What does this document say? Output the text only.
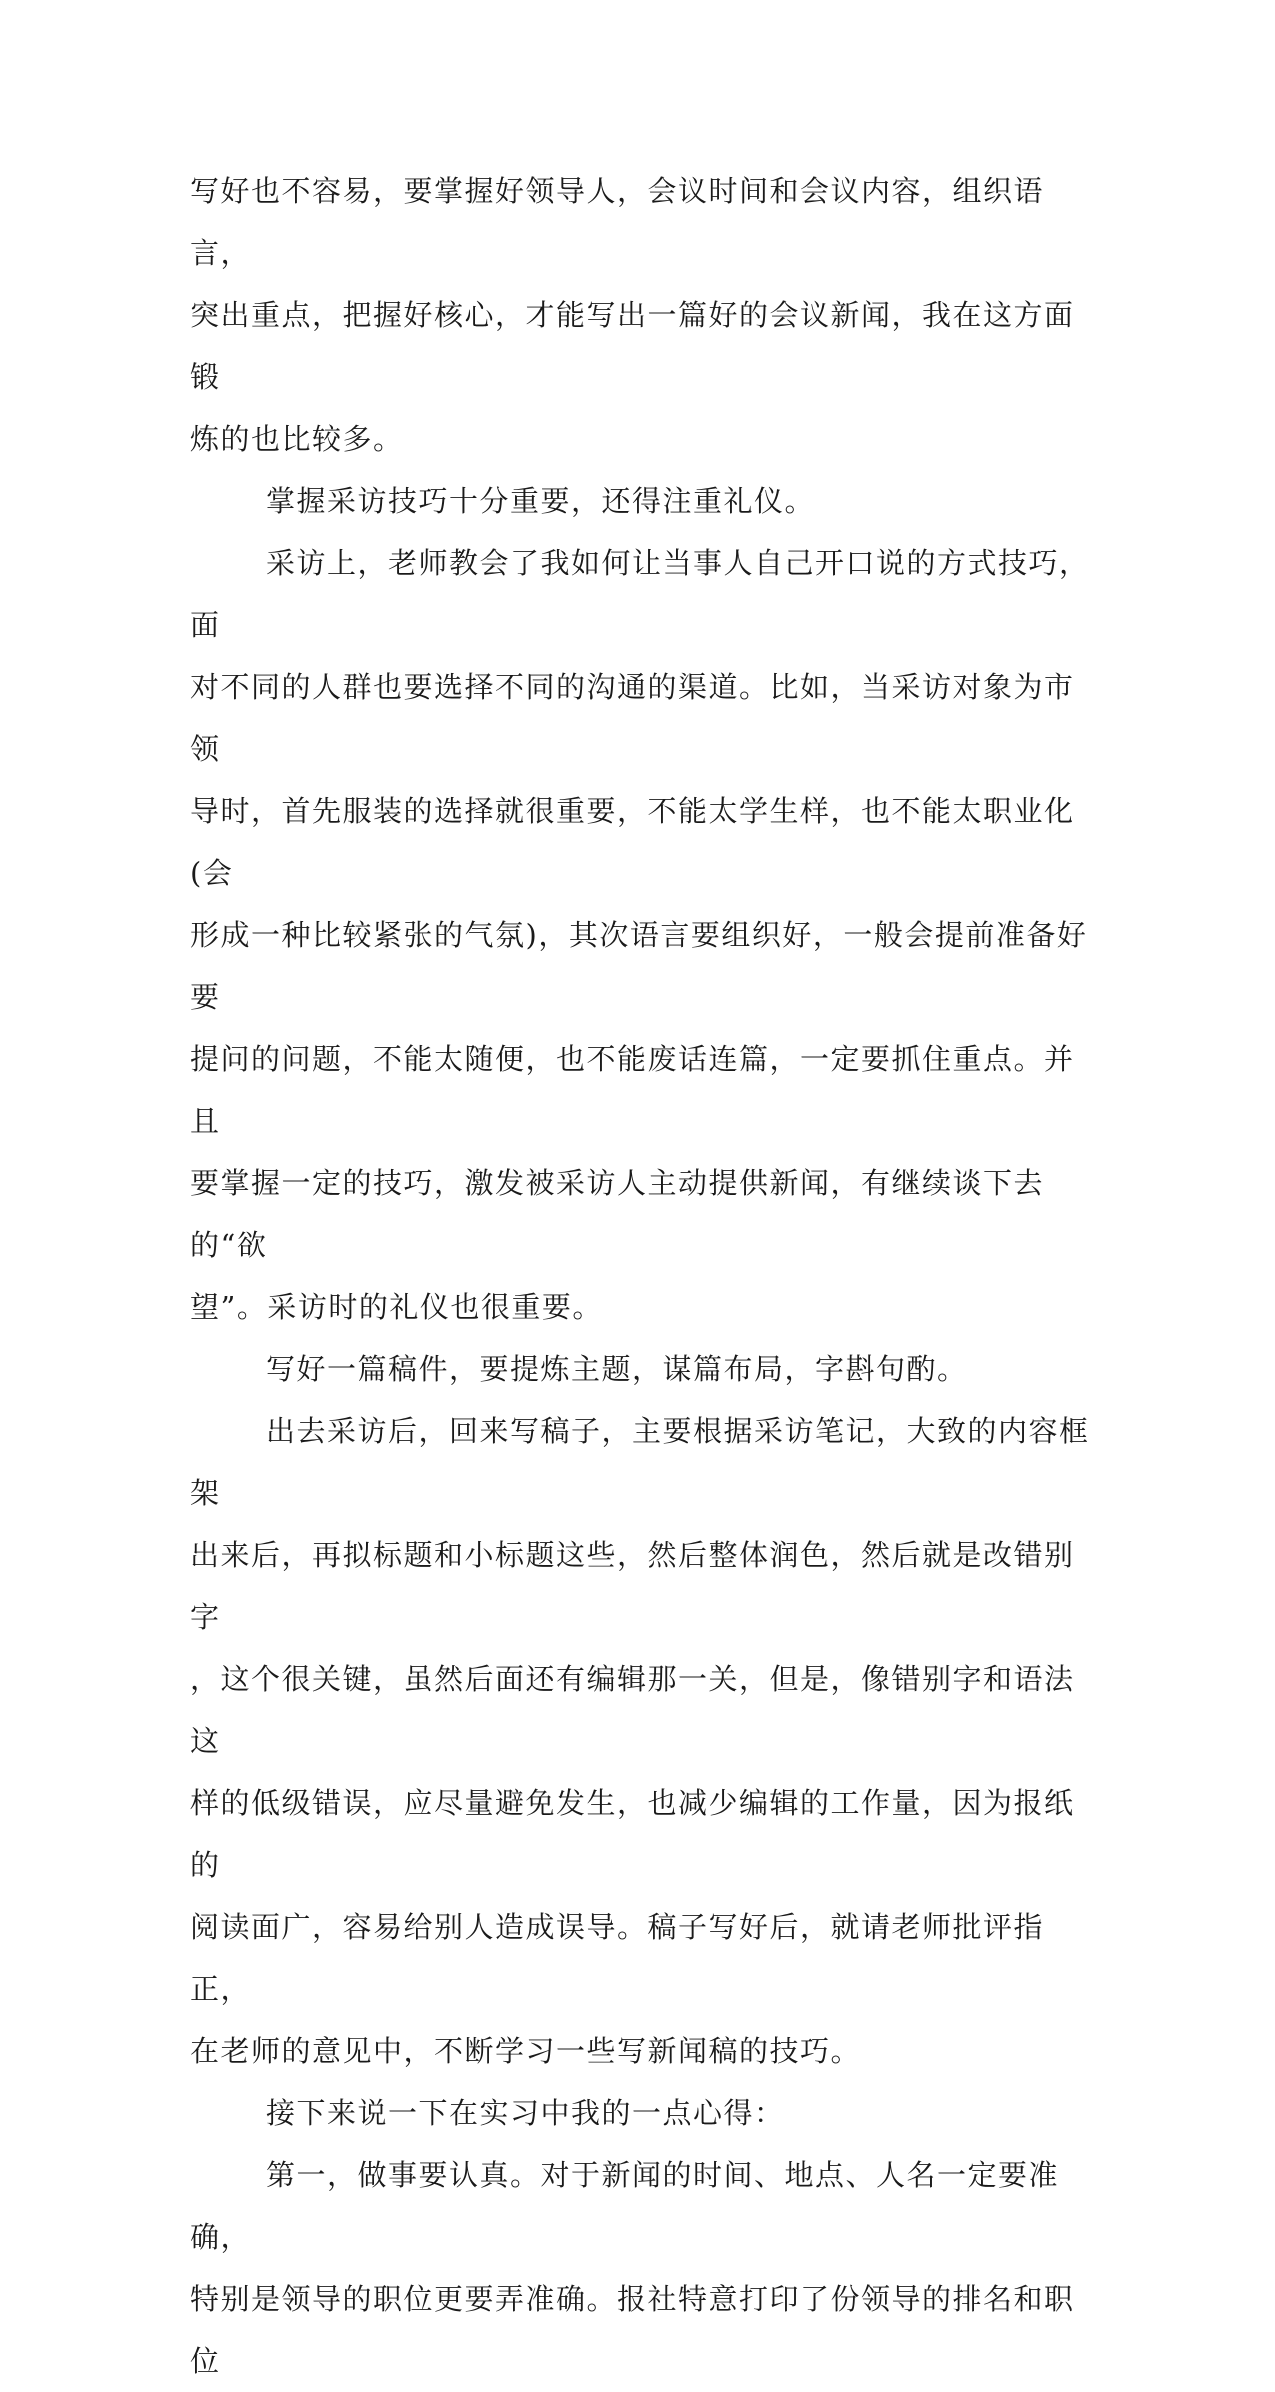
写好也不容易，要掌握好领导人，会议时间和会议内容，组织语言，
突出重点，把握好核心，才能写出一篇好的会议新闻，我在这方面锻
炼的也比较多。
掌握采访技巧十分重要，还得注重礼仪。
采访上，老师教会了我如何让当事人自己开口说的方式技巧，面
对不同的人群也要选择不同的沟通的渠道。比如，当采访对象为市领
导时，首先服装的选择就很重要，不能太学生样，也不能太职业化(会
形成一种比较紧张的气氛)，其次语言要组织好，一般会提前准备好要
提问的问题，不能太随便，也不能废话连篇，一定要抓住重点。并且
要掌握一定的技巧，激发被采访人主动提供新闻，有继续谈下去的“欲
望”。采访时的礼仪也很重要。
写好一篇稿件，要提炼主题，谋篇布局，字斟句酌。
出去采访后，回来写稿子，主要根据采访笔记，大致的内容框架
出来后，再拟标题和小标题这些，然后整体润色，然后就是改错别字
，这个很关键，虽然后面还有编辑那一关，但是，像错别字和语法这
样的低级错误，应尽量避免发生，也减少编辑的工作量，因为报纸的
阅读面广，容易给别人造成误导。稿子写好后，就请老师批评指正，
在老师的意见中，不断学习一些写新闻稿的技巧。
接下来说一下在实习中我的一点心得：
第一，做事要认真。对于新闻的时间、地点、人名一定要准确，
特别是领导的职位更要弄准确。报社特意打印了份领导的排名和职位
